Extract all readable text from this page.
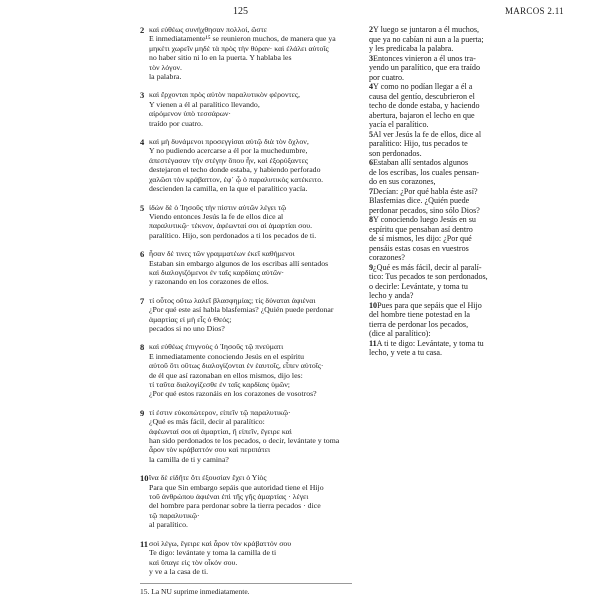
125	MARCOS 2.11
2 καὶ εὐθέως συνήχθησαν πολλοί, ὥστε
E inmediatamente¹⁵ se reunieron muchos, de manera que ya
μηκέτι χωρεῖν μηδὲ τὰ πρὸς τὴν θύραν· καὶ ἐλάλει αὐτοῖς
no haber sitio ni lo en la puerta. Y hablaba les
τὸν λόγον.
la palabra.
3 καὶ ἔρχονται πρὸς αὐτὸν παραλυτικὸν φέροντες,
Y vienen a él al paralítico llevando,
αἰρόμενον ὑπὸ τεσσάρων·
traído por cuatro.
4 καὶ μὴ δυνάμενοι προσεγγίσαι αὐτῷ διὰ τὸν ὄχλον,
Y no pudiendo acercarse a él por la muchedumbre,
ἀπεστέγασαν τὴν στέγην ὅπου ἦν, καὶ ἐξορύξαντες
destejaron el techo donde estaba, y habiendo perforado
χαλῶσι τὸν κράβαττον, ἐφ᾽ ᾧ ὁ παραλυτικὸς κατέκειτο.
descienden la camilla, en la que el paralítico yacía.
5 ἰδὼν δὲ ὁ Ἰησοῦς τὴν πίστιν αὐτῶν λέγει τῷ
Viendo entonces Jesús la fe de ellos dice al
παραλυτικῷ· τέκνον, ἀφέωνταί σοι αἱ ἁμαρτίαι σου.
paralítico. Hijo, son perdonados a ti los pecados de ti.
6 ἦσαν δέ τινες τῶν γραμματέων ἐκεῖ καθήμενοι
Estaban sin embargo algunos de los escribas allí sentados
καὶ διαλογιζόμενοι ἐν ταῖς καρδίαις αὐτῶν·
y razonando en los corazones de ellos.
7 τί οὗτος οὕτω λαλεῖ βλασφημίας; τίς δύναται ἀφιέναι
¿Por qué este así habla blasfemias? ¿Quién puede perdonar
ἁμαρτίας εἰ μὴ εἷς ὁ Θεός;
pecados si no uno Dios?
8 καὶ εὐθέως ἐπιγνοὺς ὁ Ἰησοῦς τῷ πνεύματι
E inmediatamente conociendo Jesús en el espíritu
αὐτοῦ ὅτι οὕτως διαλογίζονται ἐν ἑαυτοῖς, εἶπεν αὐτοῖς·
de él que así razonaban en ellos mismos, dijo les:
τί ταῦτα διαλογίζεσθε ἐν ταῖς καρδίαις ὑμῶν;
¿Por qué estos razonáis en los corazones de vosotros?
9 τί ἐστιν εὐκοπώτερον, εἰπεῖν τῷ παραλυτικῷ·
¿Qué es más fácil, decir al paralítico:
ἀφέωνταί σοι αἱ ἁμαρτίαι, ἢ εἰπεῖν, ἔγειρε καὶ
han sido perdonados te los pecados, o decir, levántate y toma
ἆρον τὸν κράβαττόν σου καὶ περιπάτει
la camilla de ti y camina?
10 ἵνα δὲ εἰδῆτε ὅτι ἐξουσίαν ἔχει ὁ Υἱὸς
Para que Sin embargo sepáis que autoridad tiene el Hijo
τοῦ ἀνθρώπου ἀφιέναι ἐπὶ τῆς γῆς ἁμαρτίας · λέγει
del hombre para perdonar sobre la tierra pecados · dice
τῷ παραλυτικῷ·
al paralítico.
11 σοὶ λέγω, ἔγειρε καὶ ἆρον τὸν κράβαττόν σου
Te digo: levántate y toma la camilla de ti
καὶ ὕπαγε εἰς τὸν οἶκόν σου.
y ve a la casa de ti.
2Y luego se juntaron a él muchos,
que ya no cabían ni aun a la puerta;
y les predicaba la palabra.
3Entonces vinieron a él unos tra-
yendo un paralítico, que era traído
por cuatro.
4Y como no podían llegar a él a
causa del gentío, descubrieron el
techo de donde estaba, y haciendo
abertura, bajaron el lecho en que
yacía el paralítico.
5Al ver Jesús la fe de ellos, dice al
paralítico: Hijo, tus pecados te
son perdonados.
6Estaban allí sentados algunos
de los escribas, los cuales pensan-
do en sus corazones,
7Decían: ¿Por qué habla éste así?
Blasfemias dice. ¿Quién puede
perdonar pecados, sino sólo Dios?
8Y conociendo luego Jesús en su
espíritu que pensaban así dentro
de sí mismos, les dijo: ¿Por qué
pensáis estas cosas en vuestros
corazones?
9¿Qué es más fácil, decir al paralí-
tico: Tus pecados te son perdonados,
o decirle: Levántate, y toma tu
lecho y anda?
10Pues para que sepáis que el Hijo
del hombre tiene potestad en la
tierra de perdonar los pecados,
(dice al paralítico):
11A ti te digo: Levántate, y toma tu
lecho, y vete a tu casa.
15. La NU suprime inmediatamente.
